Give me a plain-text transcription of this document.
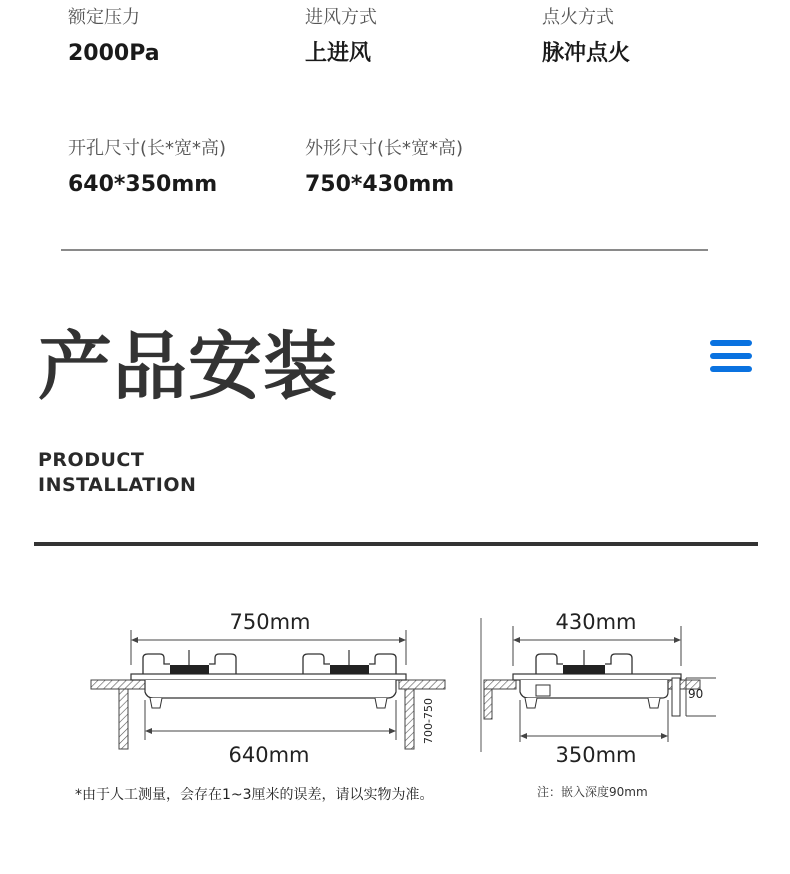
额定压力
2000Pa
进风方式
上进风
点火方式
脉冲点火
开孔尺寸(长*宽*高)
640*350mm
外形尺寸(长*宽*高)
750*430mm
产品安装
PRODUCT
INSTALLATION
750mm
640mm
700-750
430mm
90
350mm
*由于人工测量，会存在1~3厘米的误差，请以实物为准。	注：嵌入深度90mm
